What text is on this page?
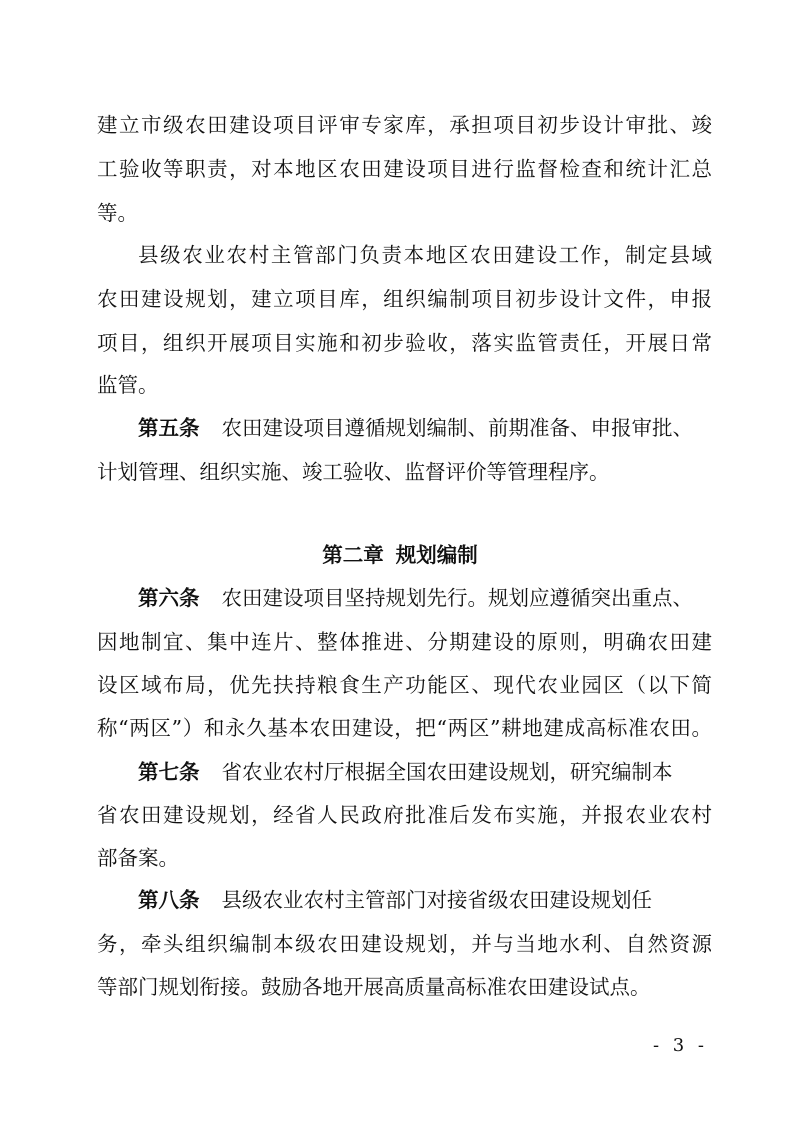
建立市级农田建设项目评审专家库，承担项目初步设计审批、竣
工验收等职责，对本地区农田建设项目进行监督检查和统计汇总
等。
县级农业农村主管部门负责本地区农田建设工作，制定县域
农田建设规划，建立项目库，组织编制项目初步设计文件，申报
项目，组织开展项目实施和初步验收，落实监管责任，开展日常
监管。
第五条 农田建设项目遵循规划编制、前期准备、申报审批、
计划管理、组织实施、竣工验收、监督评价等管理程序。
第二章 规划编制
第六条 农田建设项目坚持规划先行。规划应遵循突出重点、
因地制宜、集中连片、整体推进、分期建设的原则，明确农田建
设区域布局，优先扶持粮食生产功能区、现代农业园区（以下简
称“两区”）和永久基本农田建设，把“两区”耕地建成高标准农田。
第七条 省农业农村厅根据全国农田建设规划，研究编制本
省农田建设规划，经省人民政府批准后发布实施，并报农业农村
部备案。
第八条 县级农业农村主管部门对接省级农田建设规划任
务，牵头组织编制本级农田建设规划，并与当地水利、自然资源
等部门规划衔接。鼓励各地开展高质量高标准农田建设试点。
- 3 -
